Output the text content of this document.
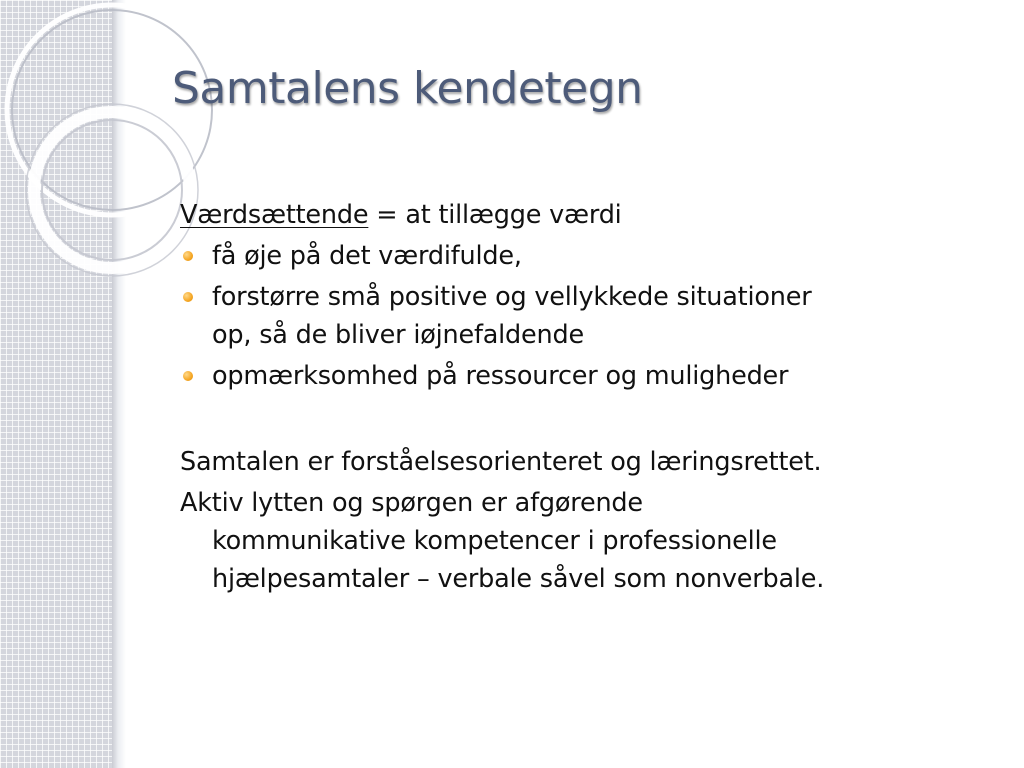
Samtalens kendetegn

Værdsættende = at tillægge værdi

få øje på det værdifulde,
forstørre små positive og vellykkede situationer
op, så de bliver iøjnefaldende
opmærksomhed på ressourcer og muligheder

Samtalen er forståelsesorienteret og læringsrettet.

Aktiv lytten og spørgen er afgørende
kommunikative kompetencer i professionelle
hjælpesamtaler – verbale såvel som nonverbale.
